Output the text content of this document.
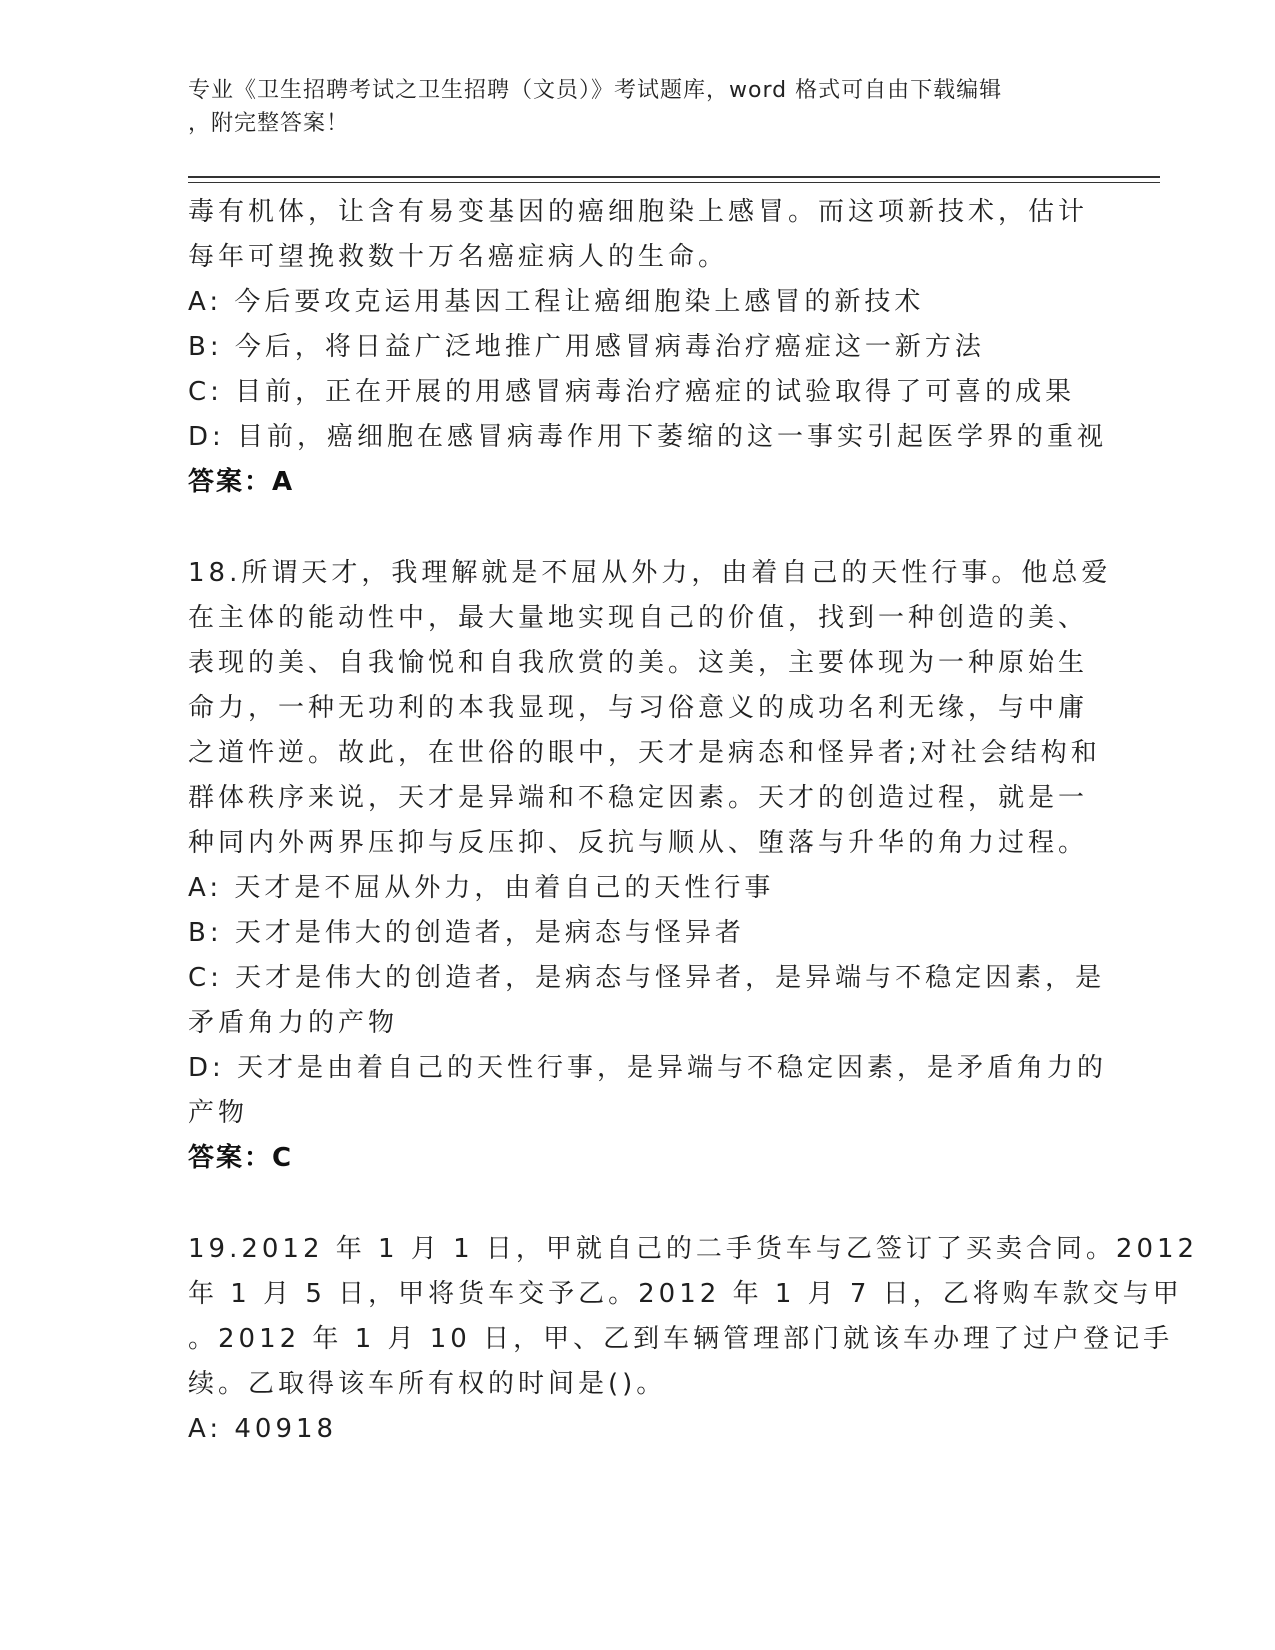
专业《卫生招聘考试之卫生招聘（文员）》考试题库，word 格式可自由下载编辑
，附完整答案！
毒有机体，让含有易变基因的癌细胞染上感冒。而这项新技术，估计
每年可望挽救数十万名癌症病人的生命。
A: 今后要攻克运用基因工程让癌细胞染上感冒的新技术
B: 今后，将日益广泛地推广用感冒病毒治疗癌症这一新方法
C: 目前，正在开展的用感冒病毒治疗癌症的试验取得了可喜的成果
D: 目前，癌细胞在感冒病毒作用下萎缩的这一事实引起医学界的重视
答案：A
18.所谓天才，我理解就是不屈从外力，由着自己的天性行事。他总爱
在主体的能动性中，最大量地实现自己的价值，找到一种创造的美、
表现的美、自我愉悦和自我欣赏的美。这美，主要体现为一种原始生
命力，一种无功利的本我显现，与习俗意义的成功名利无缘，与中庸
之道忤逆。故此，在世俗的眼中，天才是病态和怪异者;对社会结构和
群体秩序来说，天才是异端和不稳定因素。天才的创造过程，就是一
种同内外两界压抑与反压抑、反抗与顺从、堕落与升华的角力过程。
A: 天才是不屈从外力，由着自己的天性行事
B: 天才是伟大的创造者，是病态与怪异者
C: 天才是伟大的创造者，是病态与怪异者，是异端与不稳定因素，是
矛盾角力的产物
D: 天才是由着自己的天性行事，是异端与不稳定因素，是矛盾角力的
产物
答案：C
19.2012 年 1 月 1 日，甲就自己的二手货车与乙签订了买卖合同。2012
年 1 月 5 日，甲将货车交予乙。2012 年 1 月 7 日，乙将购车款交与甲
。2012 年 1 月 10 日，甲、乙到车辆管理部门就该车办理了过户登记手
续。乙取得该车所有权的时间是()。
A: 40918
